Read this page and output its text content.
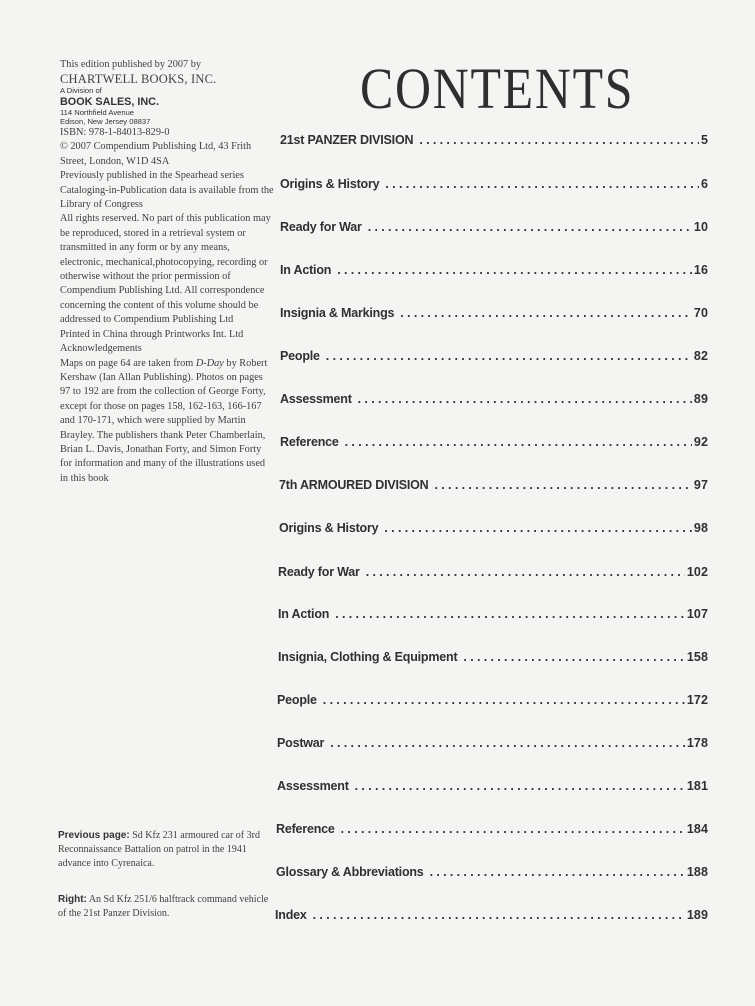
This edition published by 2007 by

CHARTWELL BOOKS, INC.

A Division of

BOOK SALES, INC.

114 Northfield Avenue

Edison, New Jersey 08837

ISBN: 978-1-84013-829-0

© 2007 Compendium Publishing Ltd, 43 Frith Street, London, W1D 4SA

Previously published in the Spearhead series

Cataloging-in-Publication data is available from the Library of Congress

All rights reserved. No part of this publication may be reproduced, stored in a retrieval system or transmitted in any form or by any means, electronic, mechanical,photocopying, recording or otherwise without the prior permission of Compendium Publishing Ltd. All correspondence concerning the content of this volume should be addressed to Compendium Publishing Ltd

Printed in China through Printworks Int. Ltd

Acknowledgements

Maps on page 64 are taken from D-Day by Robert Kershaw (Ian Allan Publishing). Photos on pages 97 to 192 are from the collection of George Forty, except for those on pages 158, 162-163, 166-167 and 170-171, which were supplied by Martin Brayley. The publishers thank Peter Chamberlain, Brian L. Davis, Jonathan Forty, and Simon Forty for information and many of the illustrations used in this book

Previous page: Sd Kfz 231 armoured car of 3rd Reconnaissance Battalion on patrol in the 1941 advance into Cyrenaica.

Right: An Sd Kfz 251/6 halftrack command vehicle of the 21st Panzer Division.

CONTENTS
21st PANZER DIVISION .....	5
Origins & History .....	6
Ready for War .....	10
In Action .....	16
Insignia & Markings .....	70
People .....	82
Assessment .....	89
Reference .....	92
7th ARMOURED DIVISION .....	97
Origins & History .....	98
Ready for War .....	102
In Action .....	107
Insignia, Clothing & Equipment .....	158
People .....	172
Postwar .....	178
Assessment .....	181
Reference .....	184
Glossary & Abbreviations .....	188
Index .....	189
